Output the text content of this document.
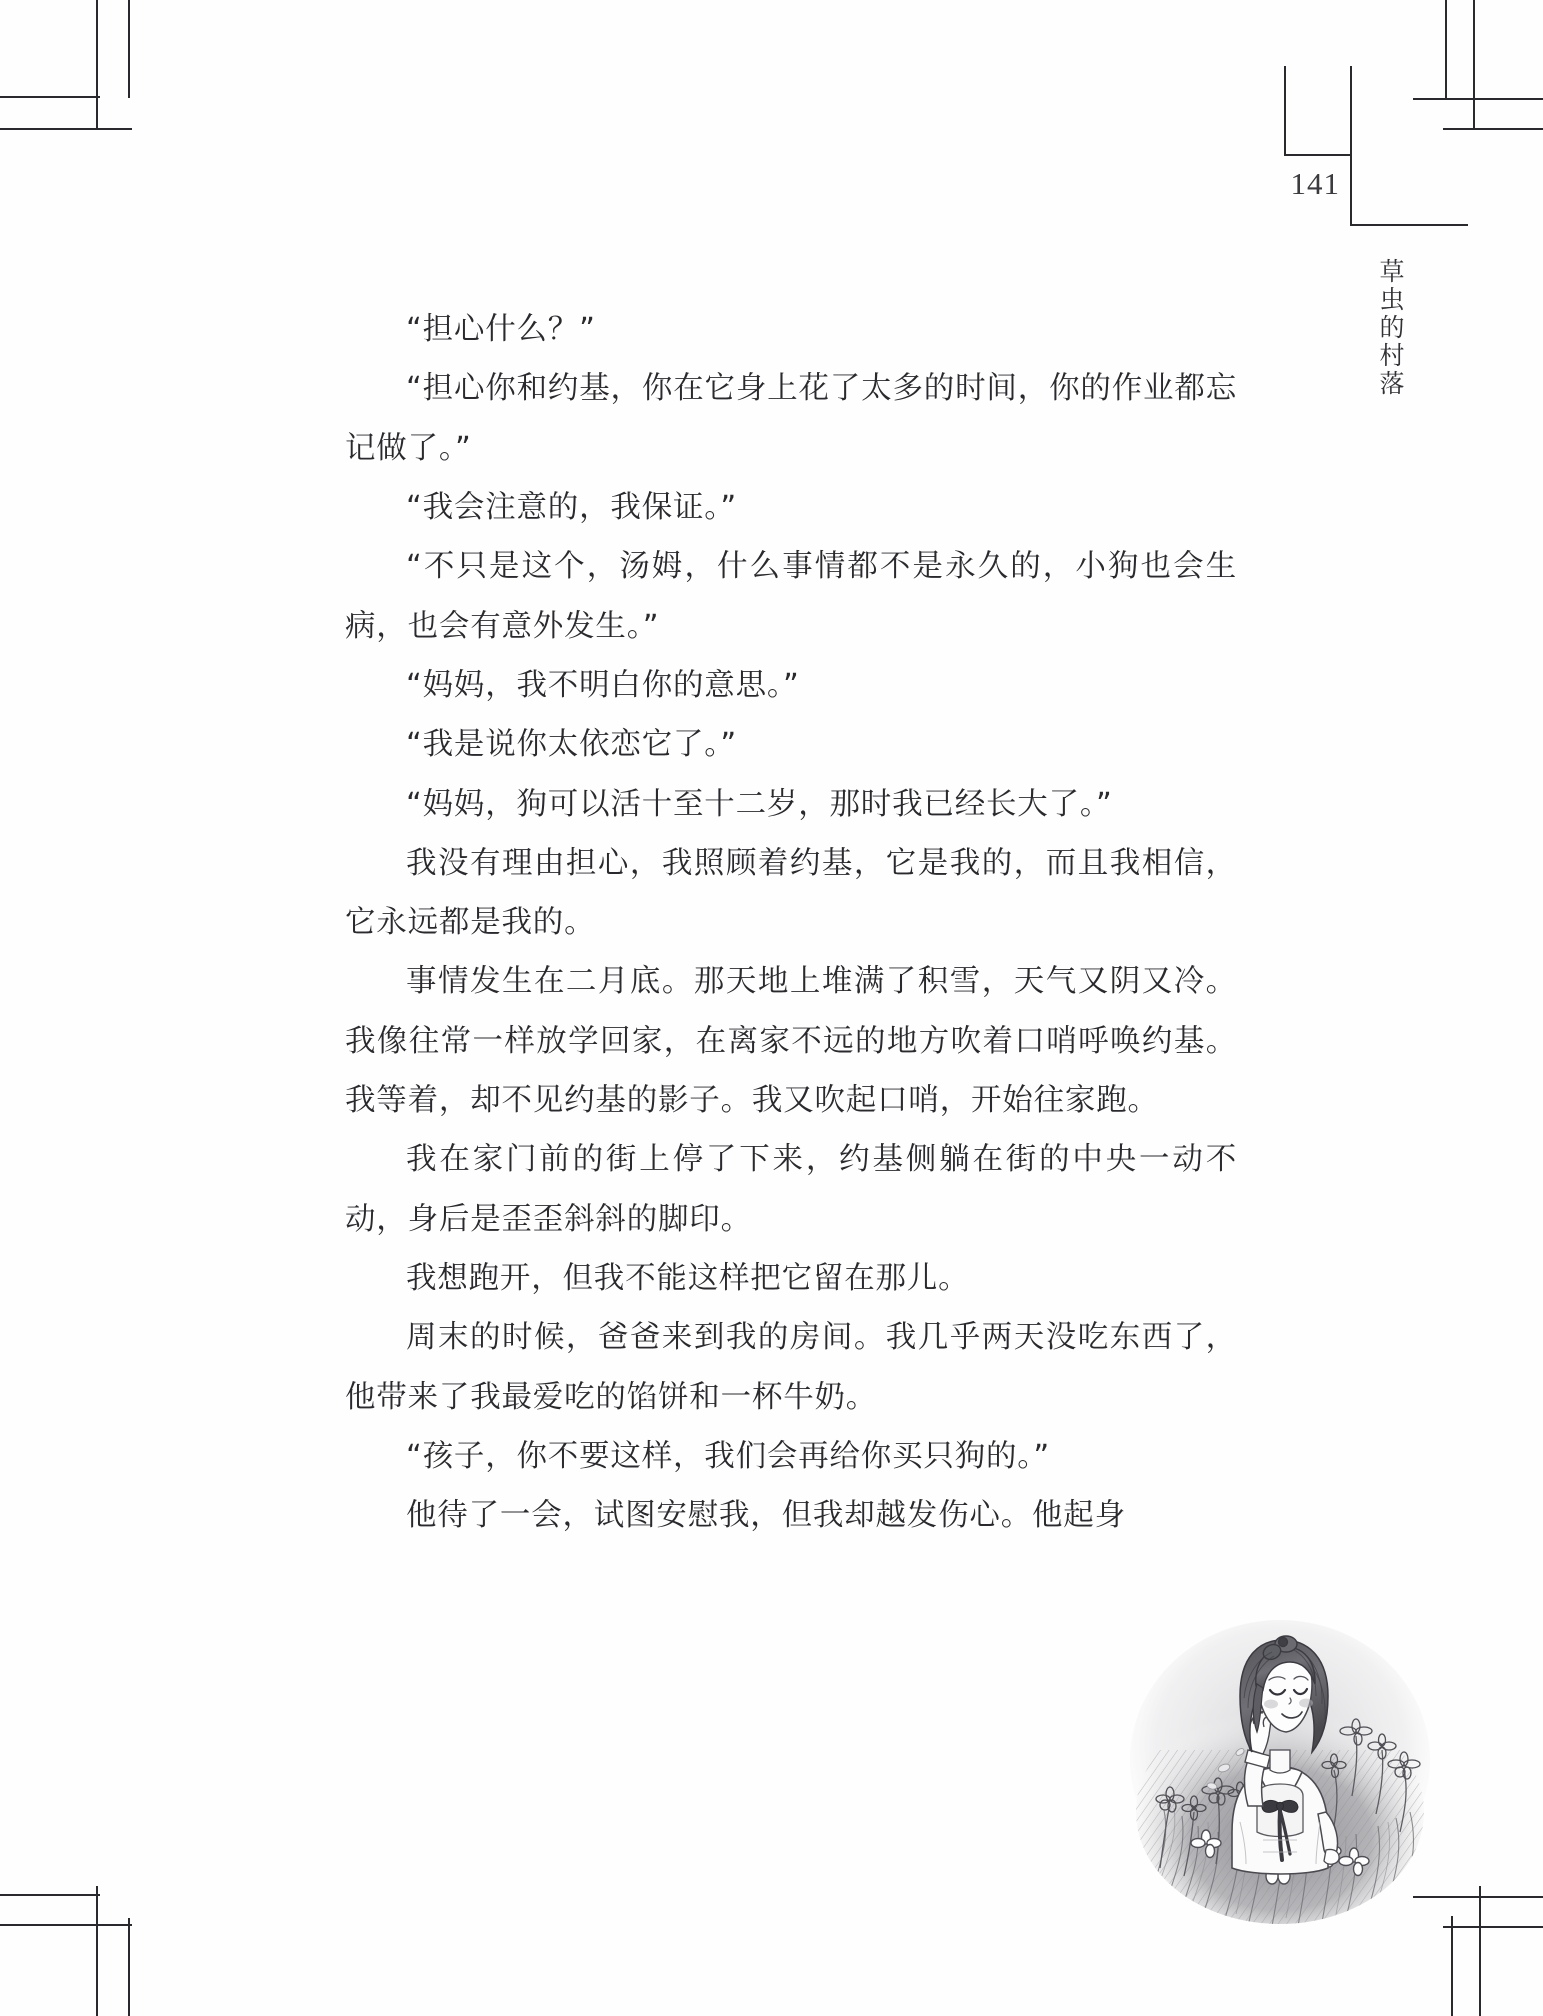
141
草虫的村落

“担心什么？”

“担心你和约基，你在它身上花了太多的时间，你的作业都忘记做了。”

“我会注意的，我保证。”

“不只是这个，汤姆，什么事情都不是永久的，小狗也会生病，也会有意外发生。”

“妈妈，我不明白你的意思。”

“我是说你太依恋它了。”

“妈妈，狗可以活十至十二岁，那时我已经长大了。”

我没有理由担心，我照顾着约基，它是我的，而且我相信，它永远都是我的。

事情发生在二月底。那天地上堆满了积雪，天气又阴又冷。我像往常一样放学回家，在离家不远的地方吹着口哨呼唤约基。我等着，却不见约基的影子。我又吹起口哨，开始往家跑。

我在家门前的街上停了下来，约基侧躺在街的中央一动不动，身后是歪歪斜斜的脚印。

我想跑开，但我不能这样把它留在那儿。

周末的时候，爸爸来到我的房间。我几乎两天没吃东西了，他带来了我最爱吃的馅饼和一杯牛奶。

“孩子，你不要这样，我们会再给你买只狗的。”

他待了一会，试图安慰我，但我却越发伤心。他起身
